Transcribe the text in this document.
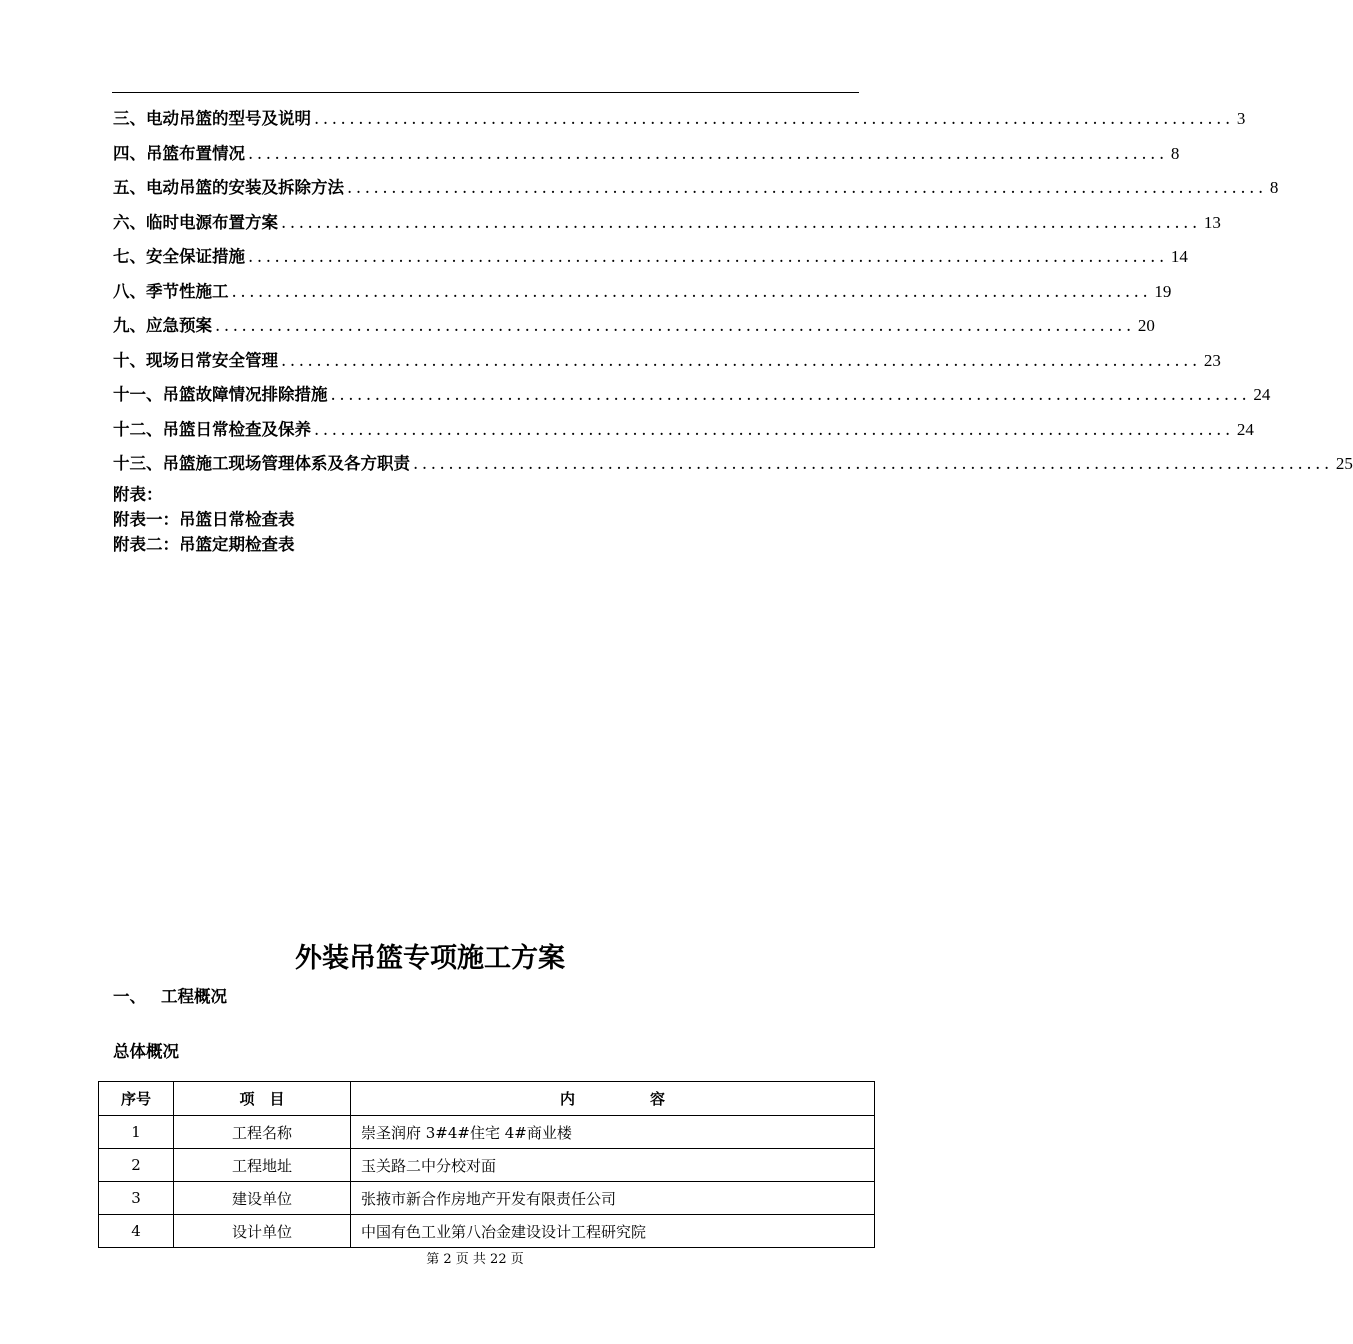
三、电动吊篮的型号及说明 ........................................................................................................ 3
四、吊篮布置情况 ........................................................................................................ 8
五、电动吊篮的安装及拆除方法 ........................................................................................................ 8
六、临时电源布置方案 ........................................................................................................ 13
七、安全保证措施 ........................................................................................................ 14
八、季节性施工 ........................................................................................................ 19
九、应急预案 ........................................................................................................ 20
十、现场日常安全管理 ........................................................................................................ 23
十一、吊篮故障情况排除措施 ........................................................................................................ 24
十二、吊篮日常检查及保养 ........................................................................................................ 24
十三、吊篮施工现场管理体系及各方职责 ........................................................................................................ 25
附表：
附表一：吊篮日常检查表
附表二：吊篮定期检查表
外装吊篮专项施工方案
一、 工程概况
总体概况
序号	项　目	内　　　　　容
1	工程名称	崇圣润府 3#4#住宅 4#商业楼
2	工程地址	玉关路二中分校对面
3	建设单位	张掖市新合作房地产开发有限责任公司
4	设计单位	中国有色工业第八冶金建设设计工程研究院
第 2 页 共 22 页
